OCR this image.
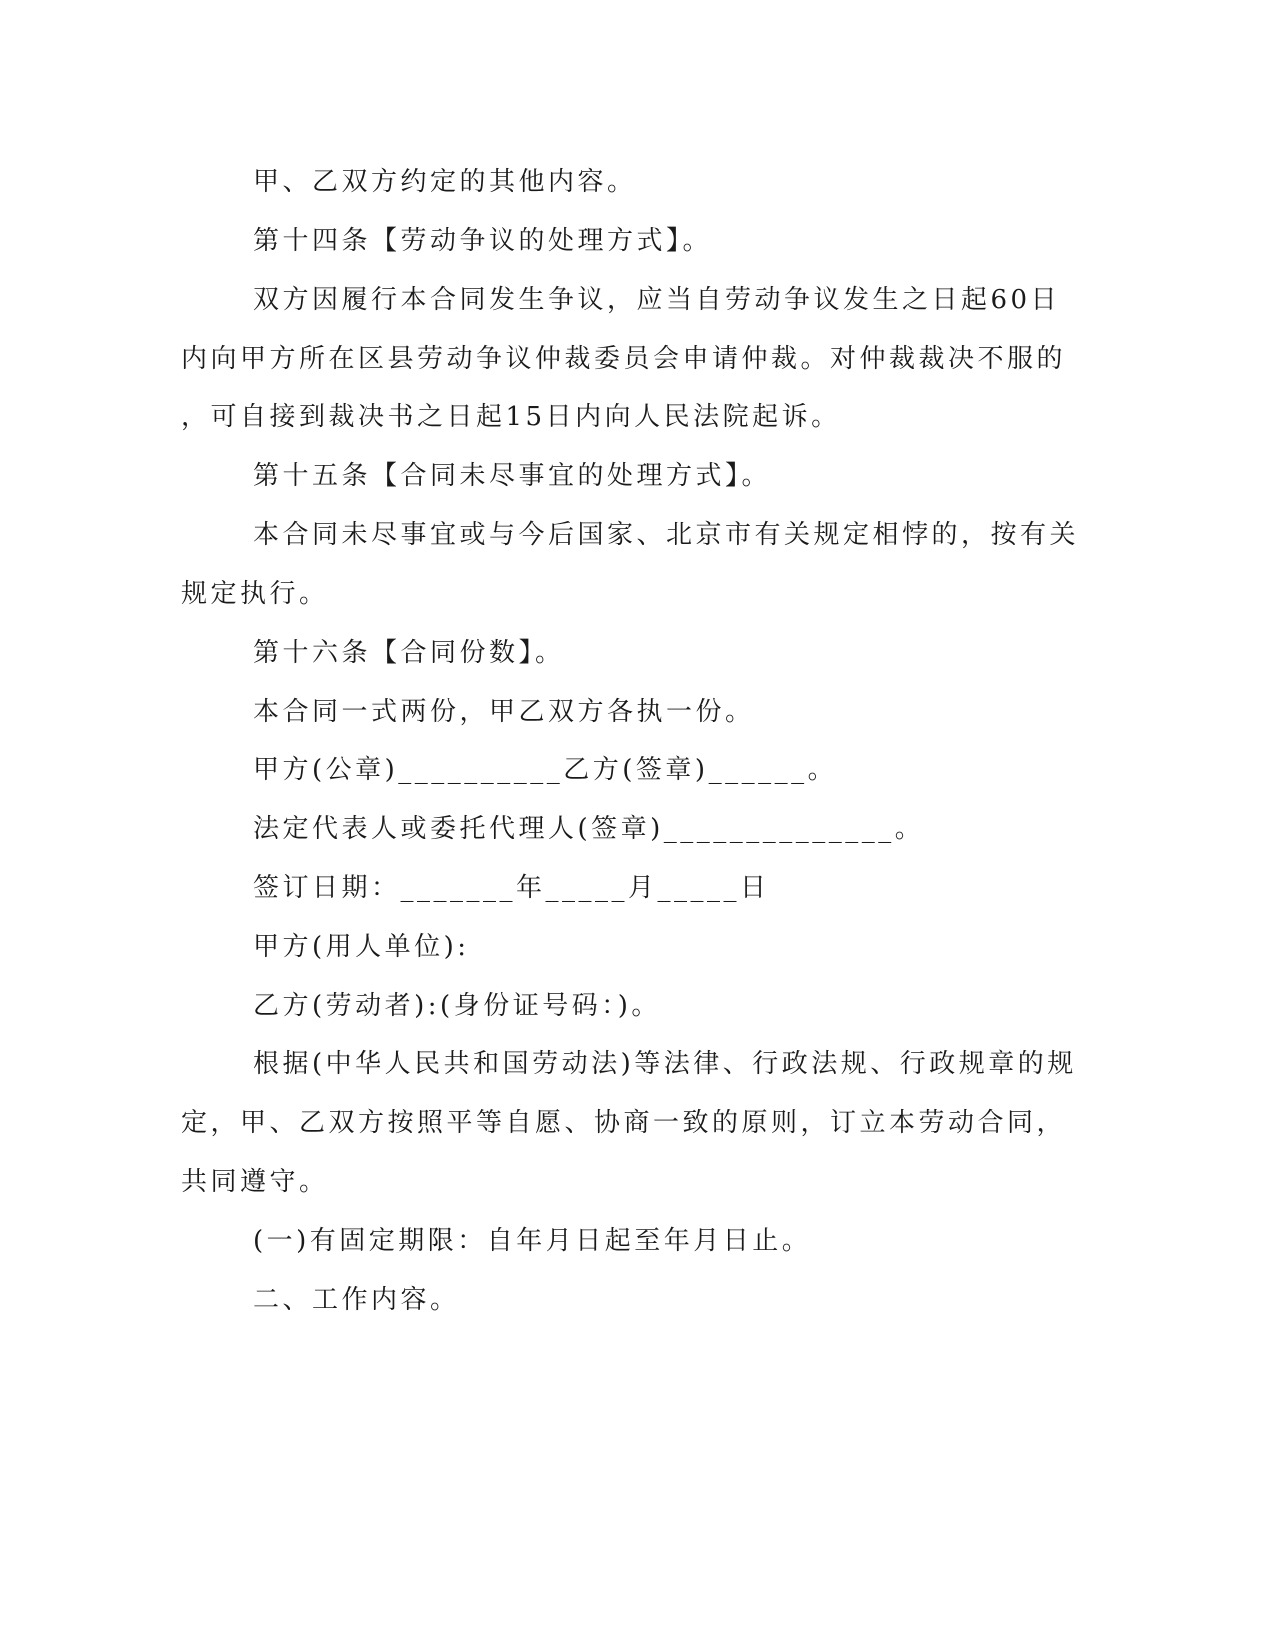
甲、乙双方约定的其他内容。

第十四条【劳动争议的处理方式】。

双方因履行本合同发生争议，应当自劳动争议发生之日起60日

内向甲方所在区县劳动争议仲裁委员会申请仲裁。对仲裁裁决不服的

，可自接到裁决书之日起15日内向人民法院起诉。

第十五条【合同未尽事宜的处理方式】。

本合同未尽事宜或与今后国家、北京市有关规定相悖的，按有关

规定执行。

第十六条【合同份数】。

本合同一式两份，甲乙双方各执一份。

甲方(公章)__________乙方(签章)______。

法定代表人或委托代理人(签章)______________。

签订日期：_______年_____月_____日

甲方(用人单位):

乙方(劳动者):(身份证号码：)。

根据(中华人民共和国劳动法)等法律、行政法规、行政规章的规

定，甲、乙双方按照平等自愿、协商一致的原则，订立本劳动合同，

共同遵守。

(一)有固定期限：自年月日起至年月日止。

二、工作内容。
